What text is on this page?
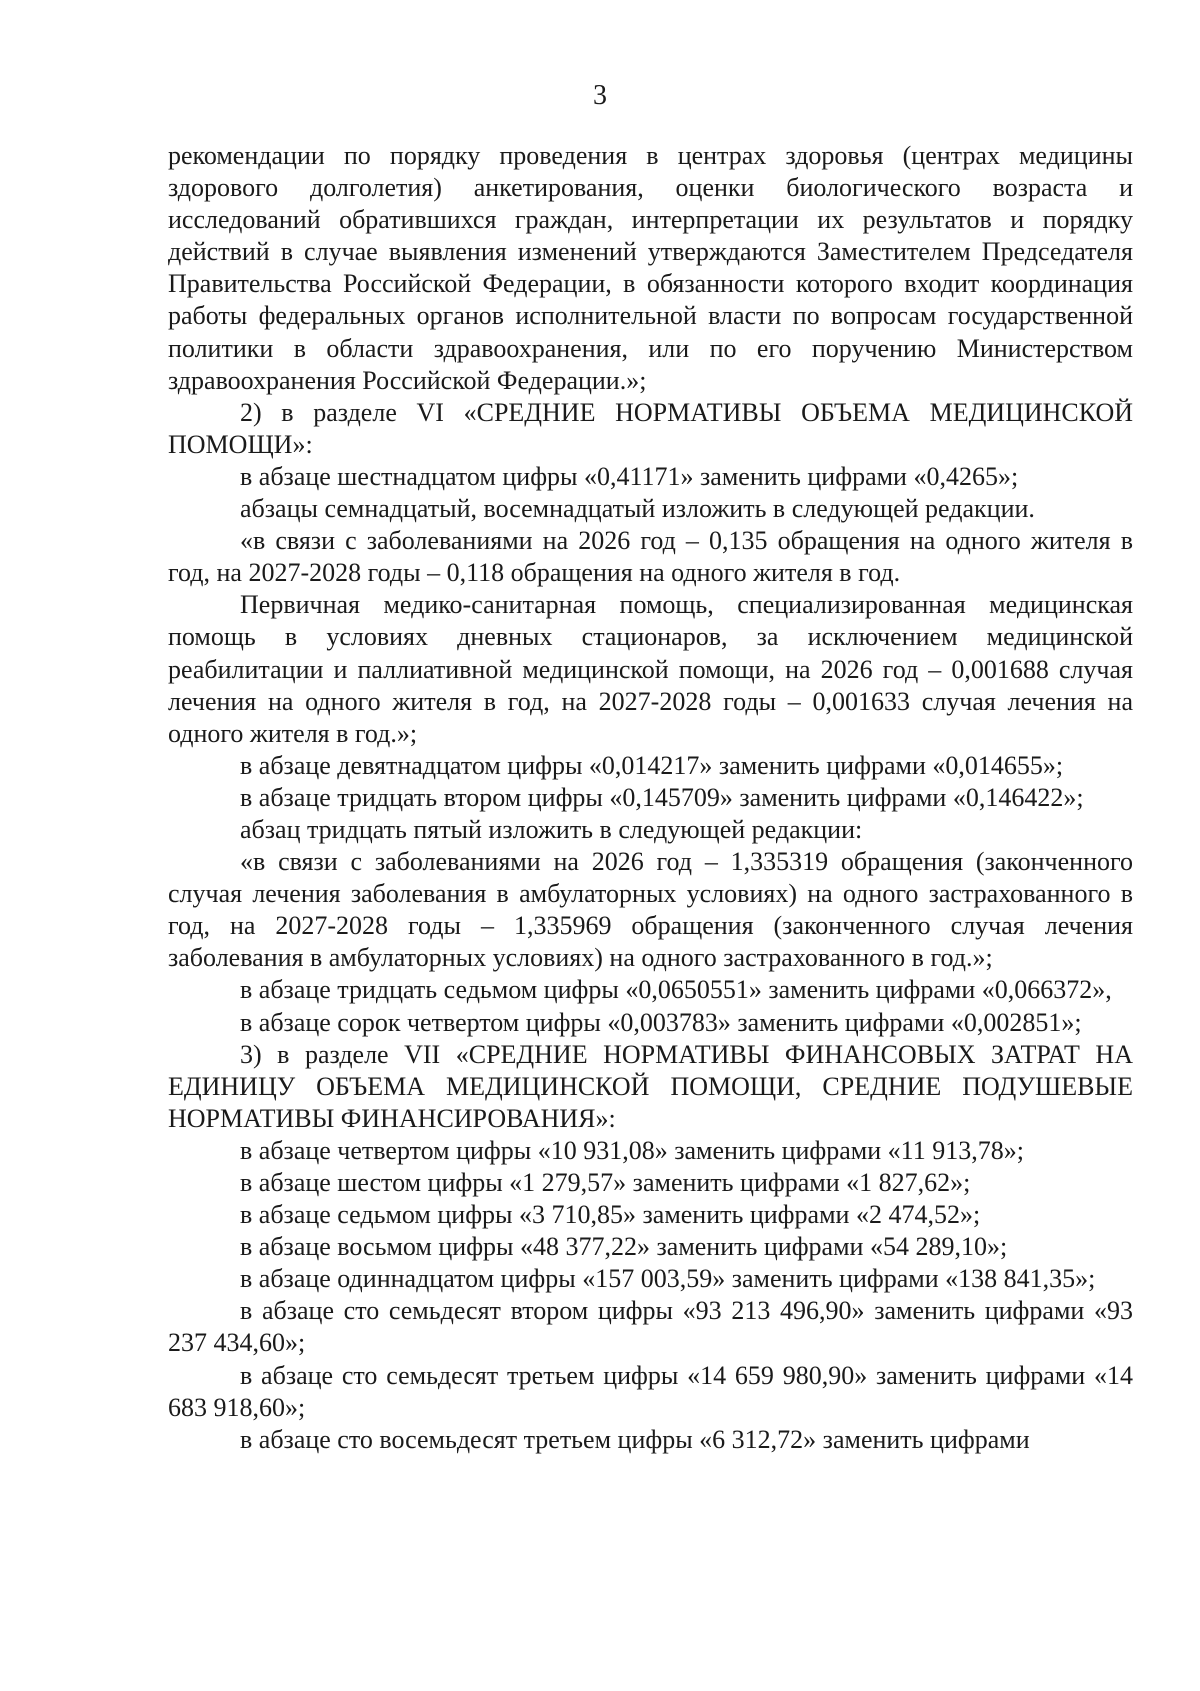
3

рекомендации по порядку проведения в центрах здоровья (центрах медицины здорового долголетия) анкетирования, оценки биологического возраста и исследований обратившихся граждан, интерпретации их результатов и порядку действий в случае выявления изменений утверждаются Заместителем Председателя Правительства Российской Федерации, в обязанности которого входит координация работы федеральных органов исполнительной власти по вопросам государственной политики в области здравоохранения, или по его поручению Министерством здравоохранения Российской Федерации.»;

2) в разделе VI «СРЕДНИЕ НОРМАТИВЫ ОБЪЕМА МЕДИЦИНСКОЙ ПОМОЩИ»:

в абзаце шестнадцатом цифры «0,41171» заменить цифрами «0,4265»;

абзацы семнадцатый, восемнадцатый изложить в следующей редакции.

«в связи с заболеваниями на 2026 год – 0,135 обращения на одного жителя в год, на 2027-2028 годы – 0,118 обращения на одного жителя в год.

Первичная медико-санитарная помощь, специализированная медицинская помощь в условиях дневных стационаров, за исключением медицинской реабилитации и паллиативной медицинской помощи, на 2026 год – 0,001688 случая лечения на одного жителя в год, на 2027-2028 годы – 0,001633 случая лечения на одного жителя в год.»;

в абзаце девятнадцатом цифры «0,014217» заменить цифрами «0,014655»;

в абзаце тридцать втором цифры «0,145709» заменить цифрами «0,146422»;

абзац тридцать пятый изложить в следующей редакции:

«в связи с заболеваниями на 2026 год – 1,335319 обращения (законченного случая лечения заболевания в амбулаторных условиях) на одного застрахованного в год, на 2027-2028 годы – 1,335969 обращения (законченного случая лечения заболевания в амбулаторных условиях) на одного застрахованного в год.»;

в абзаце тридцать седьмом цифры «0,0650551» заменить цифрами «0,066372»,

в абзаце сорок четвертом цифры «0,003783» заменить цифрами «0,002851»;

3) в разделе VII «СРЕДНИЕ НОРМАТИВЫ ФИНАНСОВЫХ ЗАТРАТ НА ЕДИНИЦУ ОБЪЕМА МЕДИЦИНСКОЙ ПОМОЩИ, СРЕДНИЕ ПОДУШЕВЫЕ НОРМАТИВЫ ФИНАНСИРОВАНИЯ»:

в абзаце четвертом цифры «10 931,08» заменить цифрами «11 913,78»;

в абзаце шестом цифры «1 279,57» заменить цифрами «1 827,62»;

в абзаце седьмом цифры «3 710,85» заменить цифрами «2 474,52»;

в абзаце восьмом цифры «48 377,22» заменить цифрами «54 289,10»;

в абзаце одиннадцатом цифры «157 003,59» заменить цифрами «138 841,35»;

в абзаце сто семьдесят втором цифры «93 213 496,90» заменить цифрами «93 237 434,60»;

в абзаце сто семьдесят третьем цифры «14 659 980,90» заменить цифрами «14 683 918,60»;

в абзаце сто восемьдесят третьем цифры «6 312,72» заменить цифрами
